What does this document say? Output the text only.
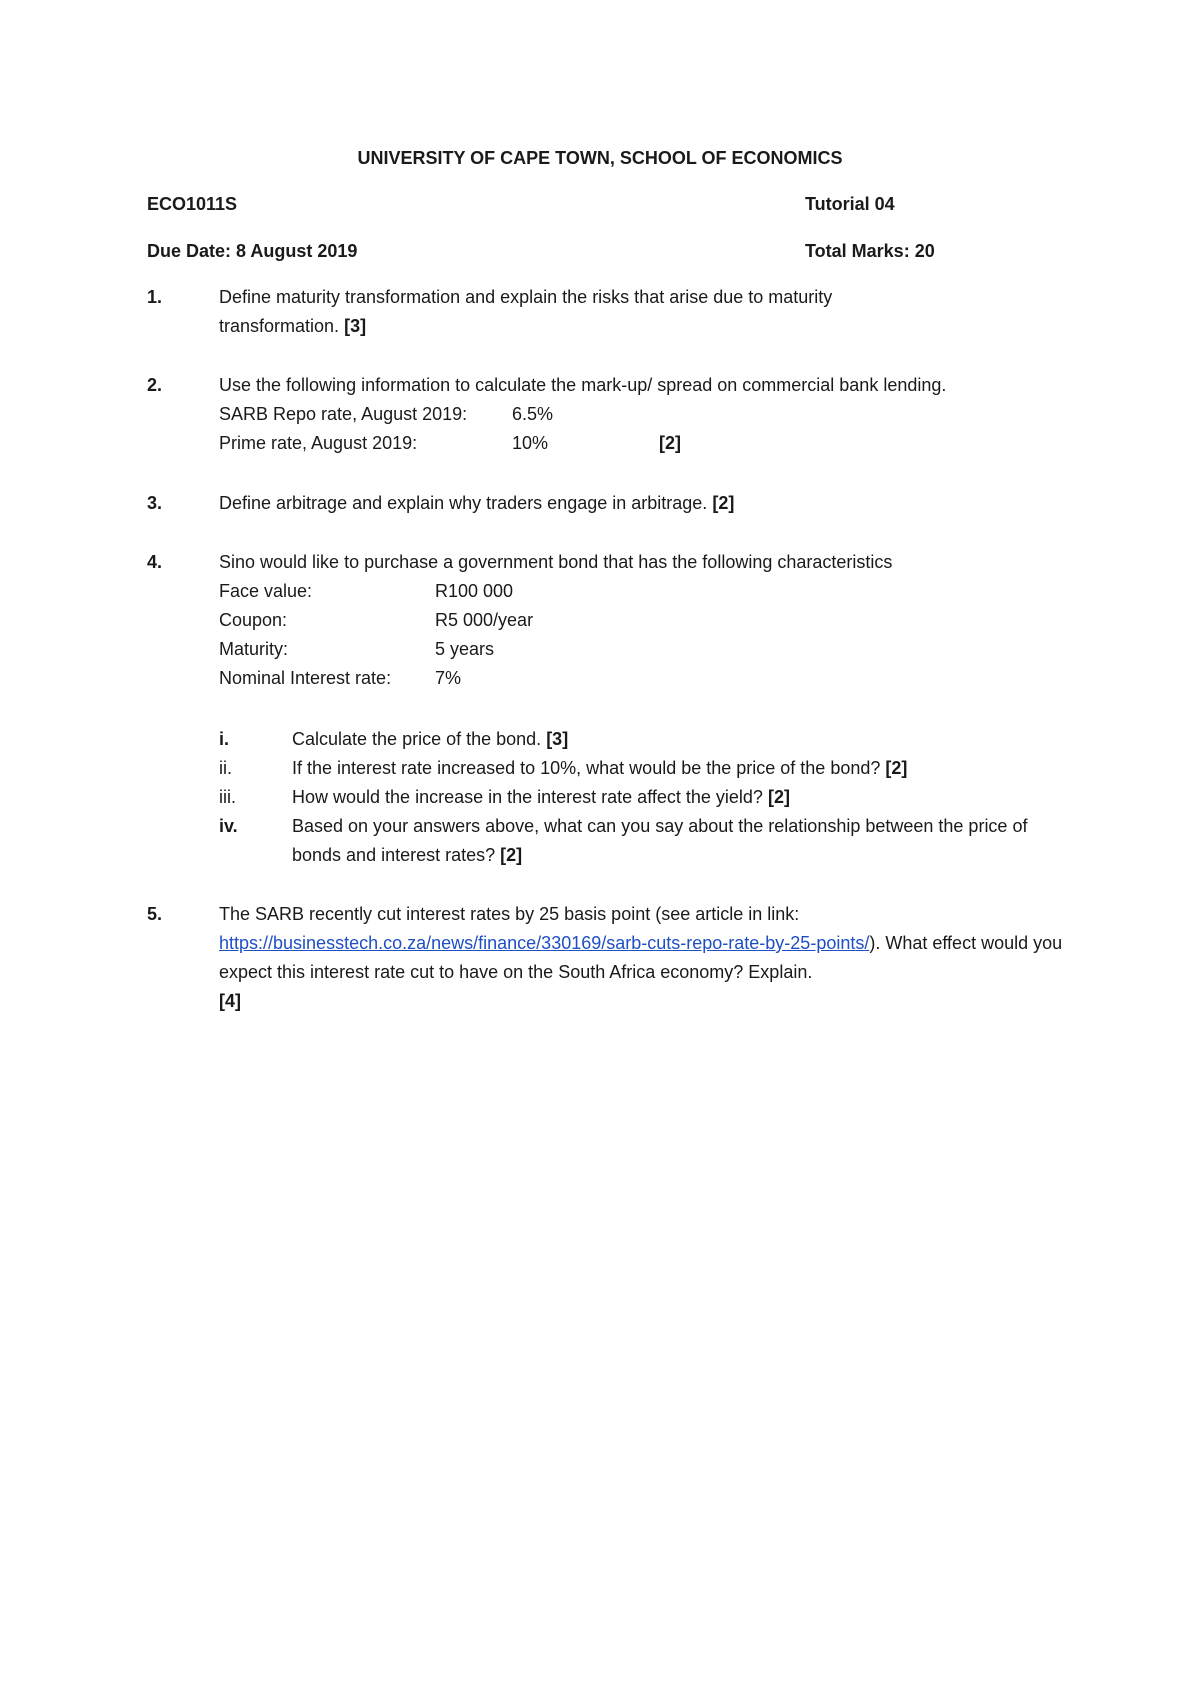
UNIVERSITY OF CAPE TOWN, SCHOOL OF ECONOMICS
ECO1011S	Tutorial 04
Due Date: 8 August 2019	Total Marks: 20
1.	Define maturity transformation and explain the risks that arise due to maturity
transformation. [3]
2.	Use the following information to calculate the mark-up/ spread on commercial bank lending.
SARB Repo rate, August 2019: 6.5%
Prime rate, August 2019:	10%	[2]
3.	Define arbitrage and explain why traders engage in arbitrage. [2]
4.	Sino would like to purchase a government bond that has the following characteristics
Face value:	R100 000
Coupon:	R5 000/year
Maturity:	5 years
Nominal Interest rate: 7%
i.	Calculate the price of the bond. [3]
ii.	If the interest rate increased to 10%, what would be the price of the bond? [2]
iii.	How would the increase in the interest rate affect the yield? [2]
iv.	Based on your answers above, what can you say about the relationship between the price of bonds and interest rates? [2]
5.	The SARB recently cut interest rates by 25 basis point (see article in link: https://businesstech.co.za/news/finance/330169/sarb-cuts-repo-rate-by-25-points/). What effect would you expect this interest rate cut to have on the South Africa economy? Explain.
[4]
